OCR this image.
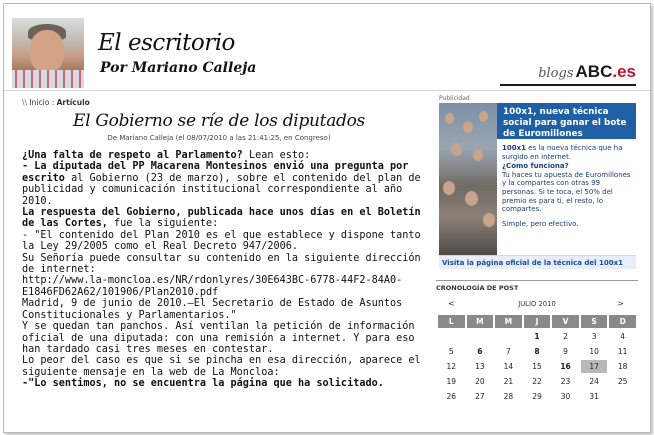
El escritorio
Por Mariano Calleja	blogs ABC .es
\\ Inicio : Artículo
El Gobierno se ríe de los diputados
De Mariano Calleja (el 08/07/2010 a las 21:41:25, en Congreso)

¿Una falta de respeto al Parlamento? Lean esto:

- La diputada del PP Macarena Montesinos envió una pregunta por escrito al Gobierno (23 de marzo), sobre el contenido del plan de publicidad y comunicación institucional correspondiente al año 2010.

La respuesta del Gobierno, publicada hace unos días en el Boletín de las Cortes, fue la siguiente:

- "El contenido del Plan 2010 es el que establece y dispone tanto la Ley 29/2005 como el Real Decreto 947/2006.

Su Señoría puede consultar su contenido en la siguiente dirección de internet:

http://www.la-moncloa.es/NR/rdonlyres/30E643BC-6778-44F2-84A0-E1846FD62A62/101906/Plan2010.pdf

Madrid, 9 de junio de 2010.—El Secretario de Estado de Asuntos Constitucionales y Parlamentarios."

Y se quedan tan panchos. Así ventilan la petición de información oficial de una diputada: con una remisión a internet. Y para eso han tardado casi tres meses en contestar.

Lo peor del caso es que si se pincha en esa dirección, aparece el siguiente mensaje en la web de La Moncloa:

-"Lo sentimos, no se encuentra la página que ha solicitado.

Publicidad
100x1, nueva técnica social para ganar el bote de Euromillones
100x1 es la nueva técnica que ha surgido en internet.
¿Como funciona?
Tu haces tu apuesta de Euromillones y la compartes con otras 99 personas. Si te toca, el 50% del premio es para ti, el resto, lo compartes.
Simple, pero efectivo.
Visita la página oficial de la técnica del 100x1
CRONOLOGÍA DE POST
<	JULIO 2010	>
L	M	M	J	V	S	D
			1	2	3	4
5	6	7	8	9	10	11
12	13	14	15	16	17	18
19	20	21	22	23	24	25
26	27	28	29	30	31	
